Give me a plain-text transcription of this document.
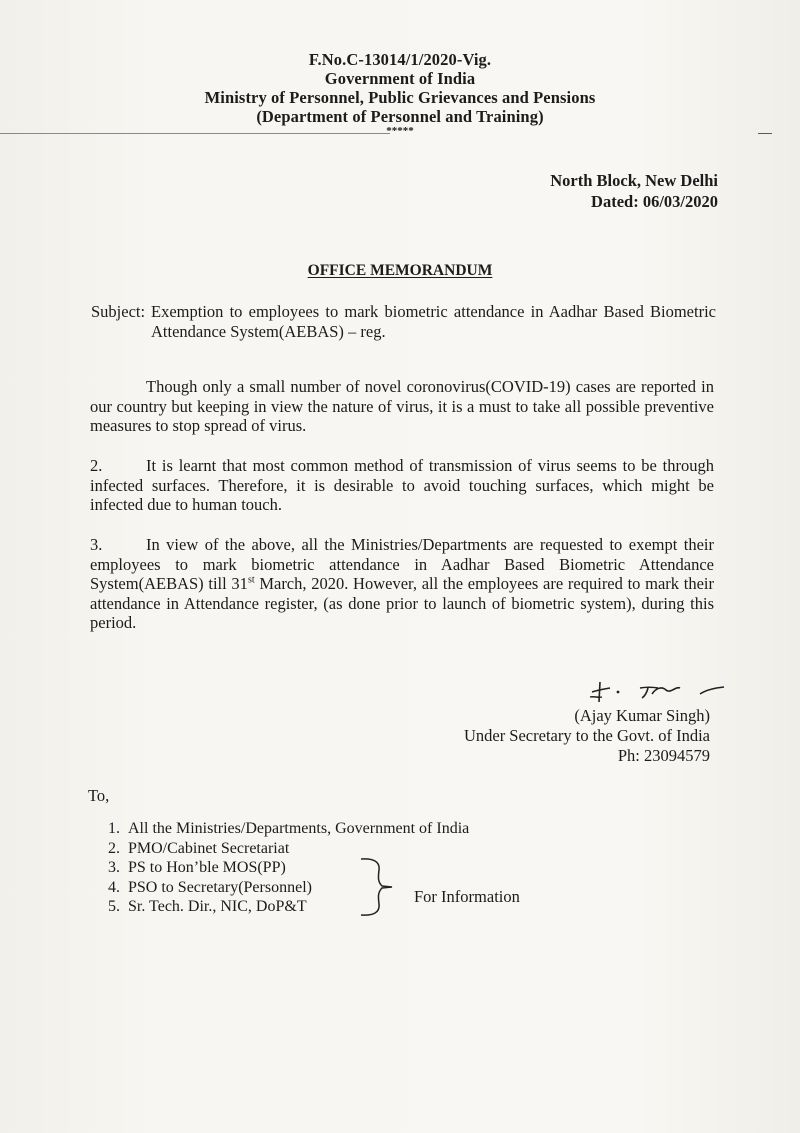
F.No.C-13014/1/2020-Vig.
Government of India
Ministry of Personnel, Public Grievances and Pensions
(Department of Personnel and Training)
*****
North Block, New Delhi
Dated: 06/03/2020
OFFICE MEMORANDUM
Subject: Exemption to employees to mark biometric attendance in Aadhar Based Biometric Attendance System(AEBAS) – reg.
Though only a small number of novel coronovirus(COVID-19) cases are reported in our country but keeping in view the nature of virus, it is a must to take all possible preventive measures to stop spread of virus.
2.	It is learnt that most common method of transmission of virus seems to be through infected surfaces. Therefore, it is desirable to avoid touching surfaces, which might be infected due to human touch.
3.	In view of the above, all the Ministries/Departments are requested to exempt their employees to mark biometric attendance in Aadhar Based Biometric Attendance System(AEBAS) till 31st March, 2020. However, all the employees are required to mark their attendance in Attendance register, (as done prior to launch of biometric system), during this period.
(Ajay Kumar Singh)
Under Secretary to the Govt. of India
Ph: 23094579
To,
1. All the Ministries/Departments, Government of India
2. PMO/Cabinet Secretariat
3. PS to Hon’ble MOS(PP)
4. PSO to Secretary(Personnel)
5. Sr. Tech. Dir., NIC, DoP&T
For Information
